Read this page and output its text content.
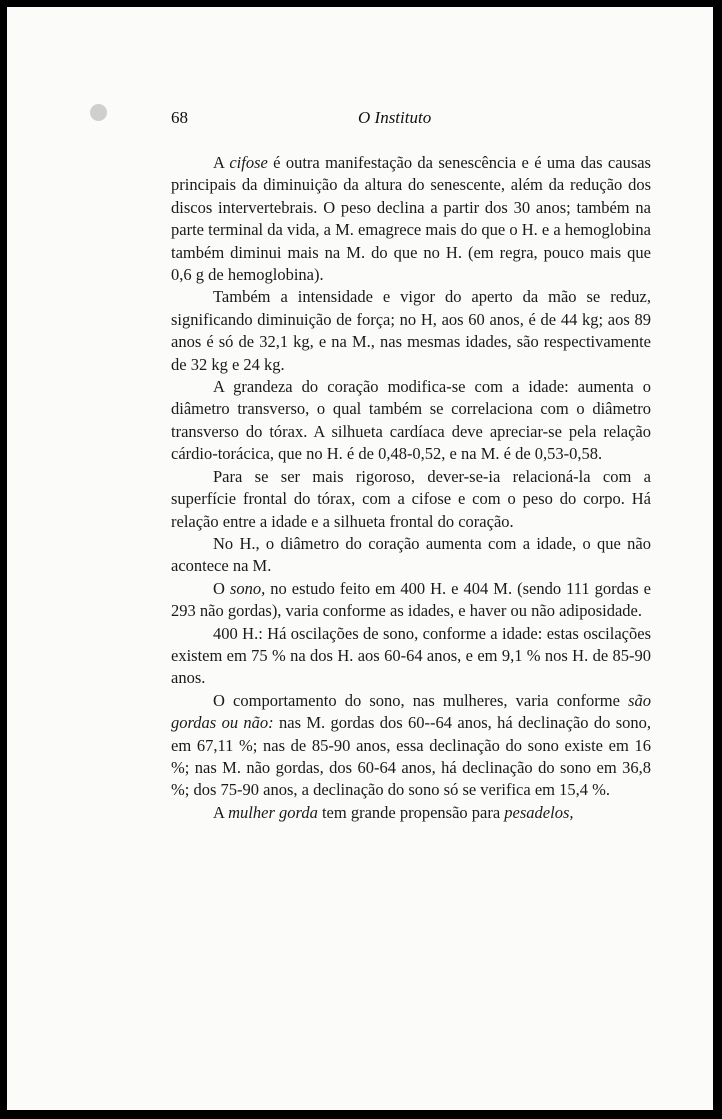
68	O Instituto

A cifose é outra manifestação da senescência e é uma das causas principais da diminuição da altura do senescente, além da redução dos discos intervertebrais. O peso declina a partir dos 30 anos; também na parte terminal da vida, a M. emagrece mais do que o H. e a hemoglobina também diminui mais na M. do que no H. (em regra, pouco mais que 0,6 g de hemoglobina).

Também a intensidade e vigor do aperto da mão se reduz, significando diminuição de força; no H, aos 60 anos, é de 44 kg; aos 89 anos é só de 32,1 kg, e na M., nas mesmas idades, são respectivamente de 32 kg e 24 kg.

A grandeza do coração modifica-se com a idade: aumenta o diâmetro transverso, o qual também se correlaciona com o diâmetro transverso do tórax. A silhueta cardíaca deve apreciar-se pela relação cárdio-torácica, que no H. é de 0,48-0,52, e na M. é de 0,53-0,58.

Para se ser mais rigoroso, dever-se-ia relacioná-la com a superfície frontal do tórax, com a cifose e com o peso do corpo. Há relação entre a idade e a silhueta frontal do coração.

No H., o diâmetro do coração aumenta com a idade, o que não acontece na M.

O sono, no estudo feito em 400 H. e 404 M. (sendo 111 gordas e 293 não gordas), varia conforme as idades, e haver ou não adiposidade.

400 H.: Há oscilações de sono, conforme a idade: estas oscilações existem em 75 % na dos H. aos 60-64 anos, e em 9,1 % nos H. de 85-90 anos.

O comportamento do sono, nas mulheres, varia conforme são gordas ou não: nas M. gordas dos 60--64 anos, há declinação do sono, em 67,11 %; nas de 85-90 anos, essa declinação do sono existe em 16 %; nas M. não gordas, dos 60-64 anos, há declinação do sono em 36,8 %; dos 75-90 anos, a declinação do sono só se verifica em 15,4 %.

A mulher gorda tem grande propensão para pesadelos,
